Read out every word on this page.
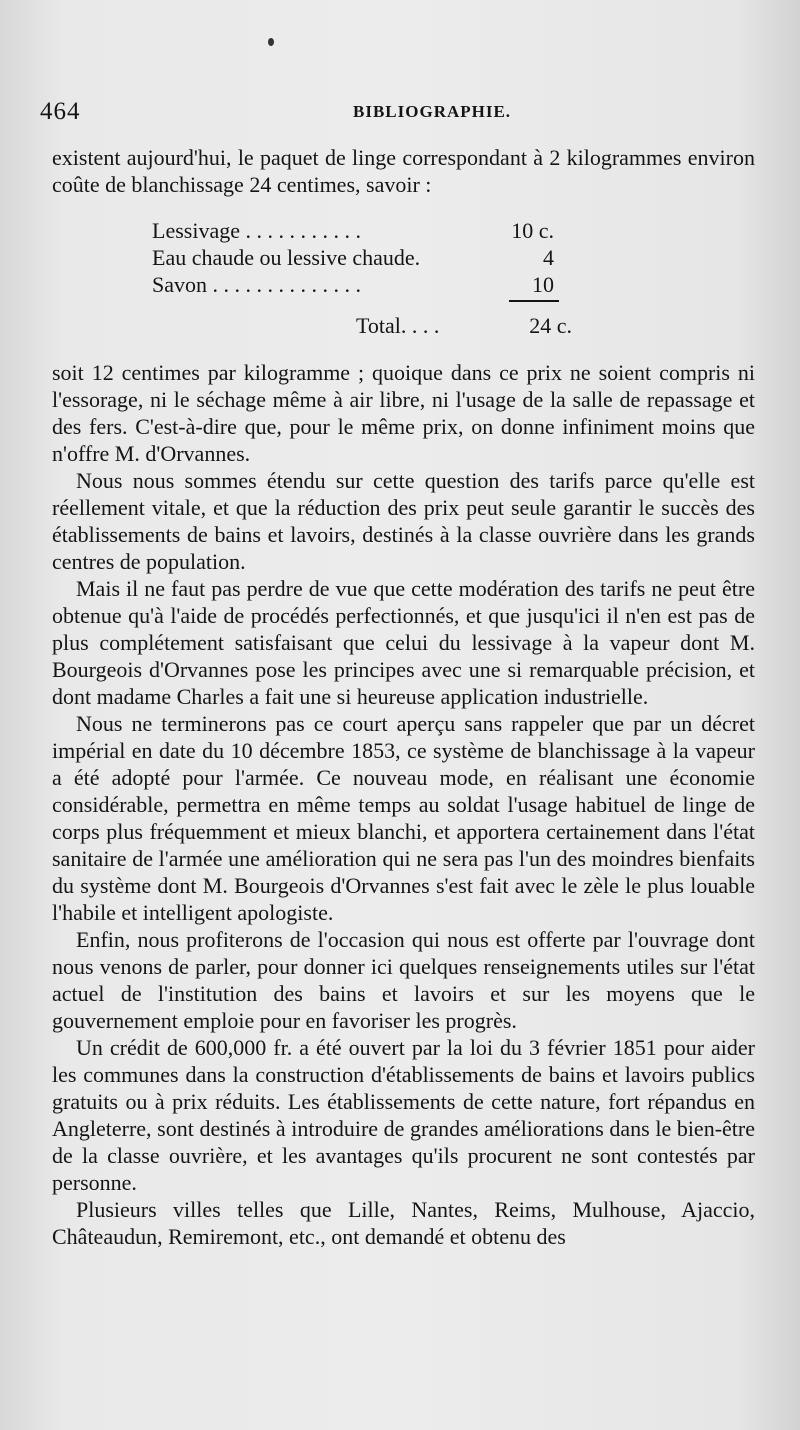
464	BIBLIOGRAPHIE.

existent aujourd'hui, le paquet de linge correspondant à 2 kilogrammes environ coûte de blanchissage 24 centimes, savoir :

Lessivage . . . . . . . . . . .	10 c.
Eau chaude ou lessive chaude.	4
Savon . . . . . . . . . . . . . .	10
Total. . . .	24 c.

soit 12 centimes par kilogramme ; quoique dans ce prix ne soient compris ni l'essorage, ni le séchage même à air libre, ni l'usage de la salle de repassage et des fers. C'est-à-dire que, pour le même prix, on donne infiniment moins que n'offre M. d'Orvannes.

Nous nous sommes étendu sur cette question des tarifs parce qu'elle est réellement vitale, et que la réduction des prix peut seule garantir le succès des établissements de bains et lavoirs, destinés à la classe ouvrière dans les grands centres de population.

Mais il ne faut pas perdre de vue que cette modération des tarifs ne peut être obtenue qu'à l'aide de procédés perfectionnés, et que jusqu'ici il n'en est pas de plus complétement satisfaisant que celui du lessivage à la vapeur dont M. Bourgeois d'Orvannes pose les principes avec une si remarquable précision, et dont madame Charles a fait une si heureuse application industrielle.

Nous ne terminerons pas ce court aperçu sans rappeler que par un décret impérial en date du 10 décembre 1853, ce système de blanchissage à la vapeur a été adopté pour l'armée. Ce nouveau mode, en réalisant une économie considérable, permettra en même temps au soldat l'usage habituel de linge de corps plus fréquemment et mieux blanchi, et apportera certainement dans l'état sanitaire de l'armée une amélioration qui ne sera pas l'un des moindres bienfaits du système dont M. Bourgeois d'Orvannes s'est fait avec le zèle le plus louable l'habile et intelligent apologiste.

Enfin, nous profiterons de l'occasion qui nous est offerte par l'ouvrage dont nous venons de parler, pour donner ici quelques renseignements utiles sur l'état actuel de l'institution des bains et lavoirs et sur les moyens que le gouvernement emploie pour en favoriser les progrès.

Un crédit de 600,000 fr. a été ouvert par la loi du 3 février 1851 pour aider les communes dans la construction d'établissements de bains et lavoirs publics gratuits ou à prix réduits. Les établissements de cette nature, fort répandus en Angleterre, sont destinés à introduire de grandes améliorations dans le bien-être de la classe ouvrière, et les avantages qu'ils procurent ne sont contestés par personne.

Plusieurs villes telles que Lille, Nantes, Reims, Mulhouse, Ajaccio, Châteaudun, Remiremont, etc., ont demandé et obtenu des
